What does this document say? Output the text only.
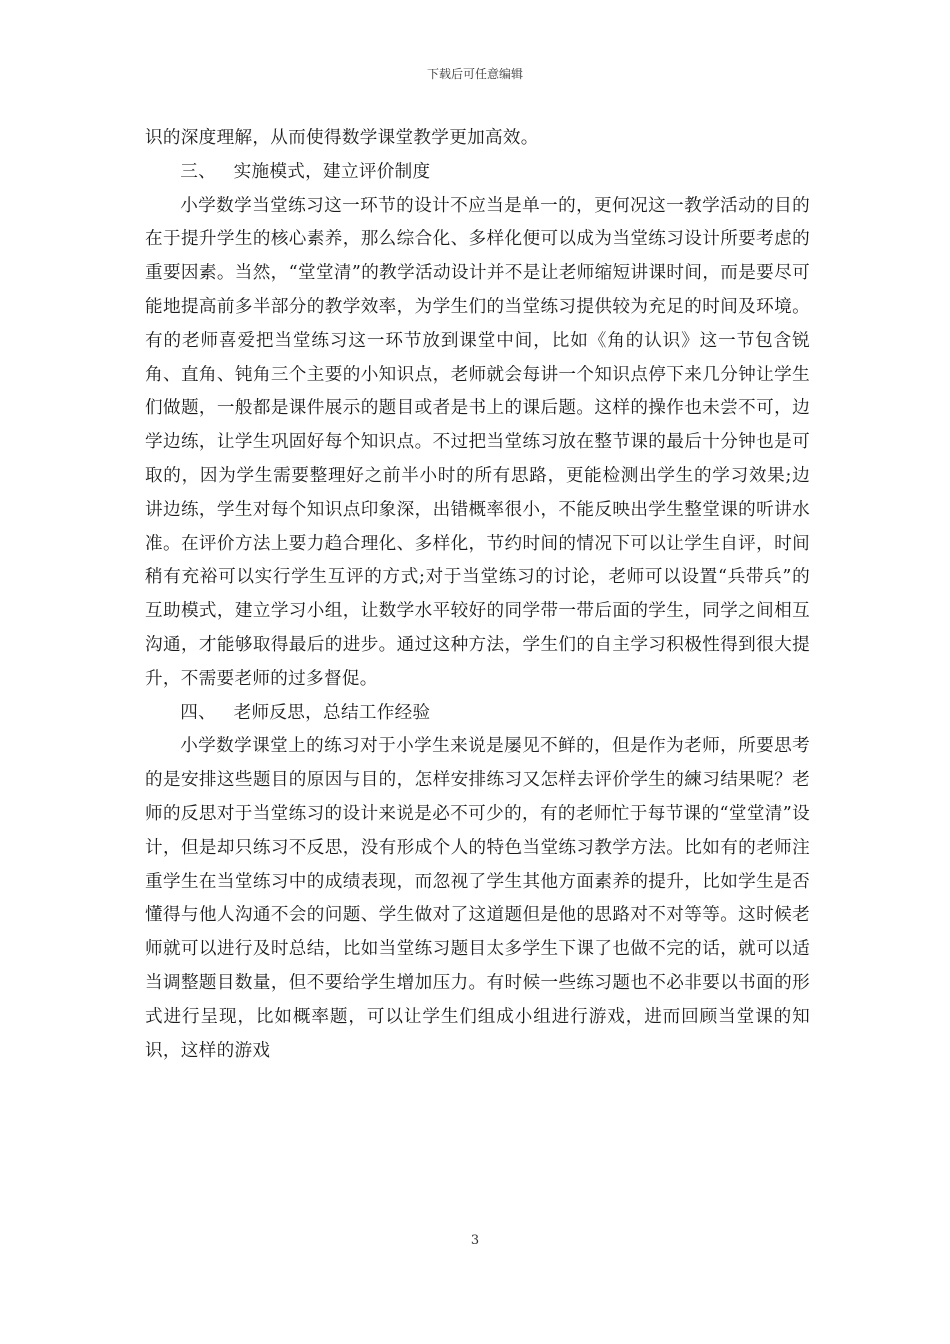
下载后可任意编辑

识的深度理解，从而使得数学课堂教学更加高效。

三、 实施模式，建立评价制度

小学数学当堂练习这一环节的设计不应当是单一的，更何况这一教学活动的目的在于提升学生的核心素养，那么综合化、多样化便可以成为当堂练习设计所要考虑的重要因素。当然，“堂堂清”的教学活动设计并不是让老师缩短讲课时间，而是要尽可能地提高前多半部分的教学效率，为学生们的当堂练习提供较为充足的时间及环境。有的老师喜爱把当堂练习这一环节放到课堂中间，比如《角的认识》这一节包含锐角、直角、钝角三个主要的小知识点，老师就会每讲一个知识点停下来几分钟让学生们做题，一般都是课件展示的题目或者是书上的课后题。这样的操作也未尝不可，边学边练，让学生巩固好每个知识点。不过把当堂练习放在整节课的最后十分钟也是可取的，因为学生需要整理好之前半小时的所有思路，更能检测出学生的学习效果;边讲边练，学生对每个知识点印象深，出错概率很小，不能反映出学生整堂课的听讲水准。在评价方法上要力趋合理化、多样化，节约时间的情况下可以让学生自评，时间稍有充裕可以实行学生互评的方式;对于当堂练习的讨论，老师可以设置“兵带兵”的互助模式，建立学习小组，让数学水平较好的同学带一带后面的学生，同学之间相互沟通，才能够取得最后的进步。通过这种方法，学生们的自主学习积极性得到很大提升，不需要老师的过多督促。

四、 老师反思，总结工作经验

小学数学课堂上的练习对于小学生来说是屡见不鲜的，但是作为老师，所要思考的是安排这些题目的原因与目的，怎样安排练习又怎样去评价学生的練习结果呢？老师的反思对于当堂练习的设计来说是必不可少的，有的老师忙于每节课的“堂堂清”设计，但是却只练习不反思，没有形成个人的特色当堂练习教学方法。比如有的老师注重学生在当堂练习中的成绩表现，而忽视了学生其他方面素养的提升，比如学生是否懂得与他人沟通不会的问题、学生做对了这道题但是他的思路对不对等等。这时候老师就可以进行及时总结，比如当堂练习题目太多学生下课了也做不完的话，就可以适当调整题目数量，但不要给学生增加压力。有时候一些练习题也不必非要以书面的形式进行呈现，比如概率题，可以让学生们组成小组进行游戏，进而回顾当堂课的知识，这样的游戏

3
